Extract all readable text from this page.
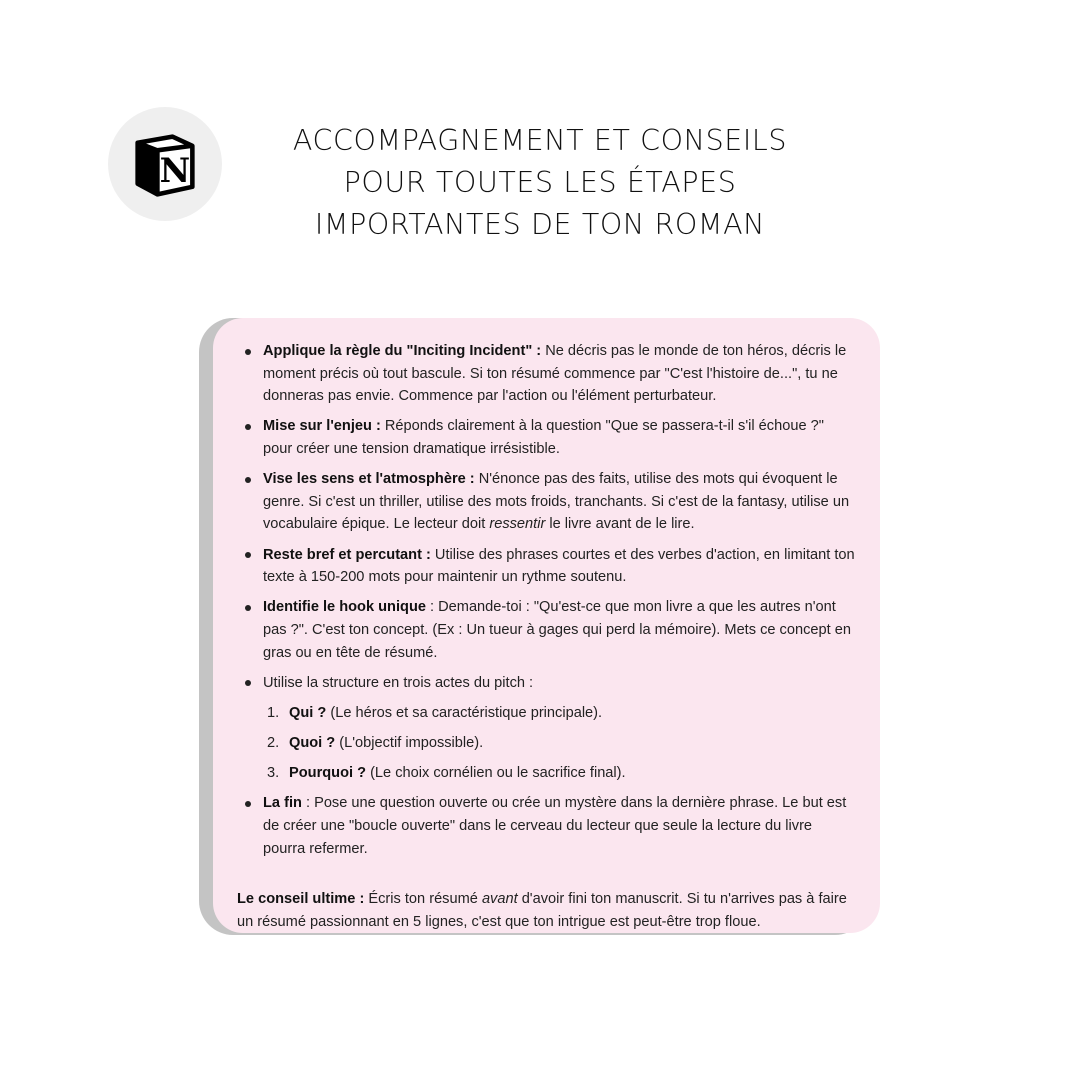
N
ACCOMPAGNEMENT ET CONSEILS
POUR TOUTES LES ÉTAPES
IMPORTANTES DE TON ROMAN
Applique la règle du "Inciting Incident" : Ne décris pas le monde de ton héros, décris le moment précis où tout bascule. Si ton résumé commence par "C'est l'histoire de...", tu ne donneras pas envie. Commence par l'action ou l'élément perturbateur.
Mise sur l'enjeu : Réponds clairement à la question "Que se passera-t-il s'il échoue ?" pour créer une tension dramatique irrésistible.
Vise les sens et l'atmosphère : N'énonce pas des faits, utilise des mots qui évoquent le genre. Si c'est un thriller, utilise des mots froids, tranchants. Si c'est de la fantasy, utilise un vocabulaire épique. Le lecteur doit ressentir le livre avant de le lire.
Reste bref et percutant : Utilise des phrases courtes et des verbes d'action, en limitant ton texte à 150-200 mots pour maintenir un rythme soutenu.
Identifie le hook unique : Demande-toi : "Qu'est-ce que mon livre a que les autres n'ont pas ?". C'est ton concept. (Ex : Un tueur à gages qui perd la mémoire). Mets ce concept en gras ou en tête de résumé.
Utilise la structure en trois actes du pitch :
1. Qui ? (Le héros et sa caractéristique principale).
2. Quoi ? (L'objectif impossible).
3. Pourquoi ? (Le choix cornélien ou le sacrifice final).
La fin : Pose une question ouverte ou crée un mystère dans la dernière phrase. Le but est de créer une "boucle ouverte" dans le cerveau du lecteur que seule la lecture du livre pourra refermer.

Le conseil ultime : Écris ton résumé avant d'avoir fini ton manuscrit. Si tu n'arrives pas à faire un résumé passionnant en 5 lignes, c'est que ton intrigue est peut-être trop floue.
